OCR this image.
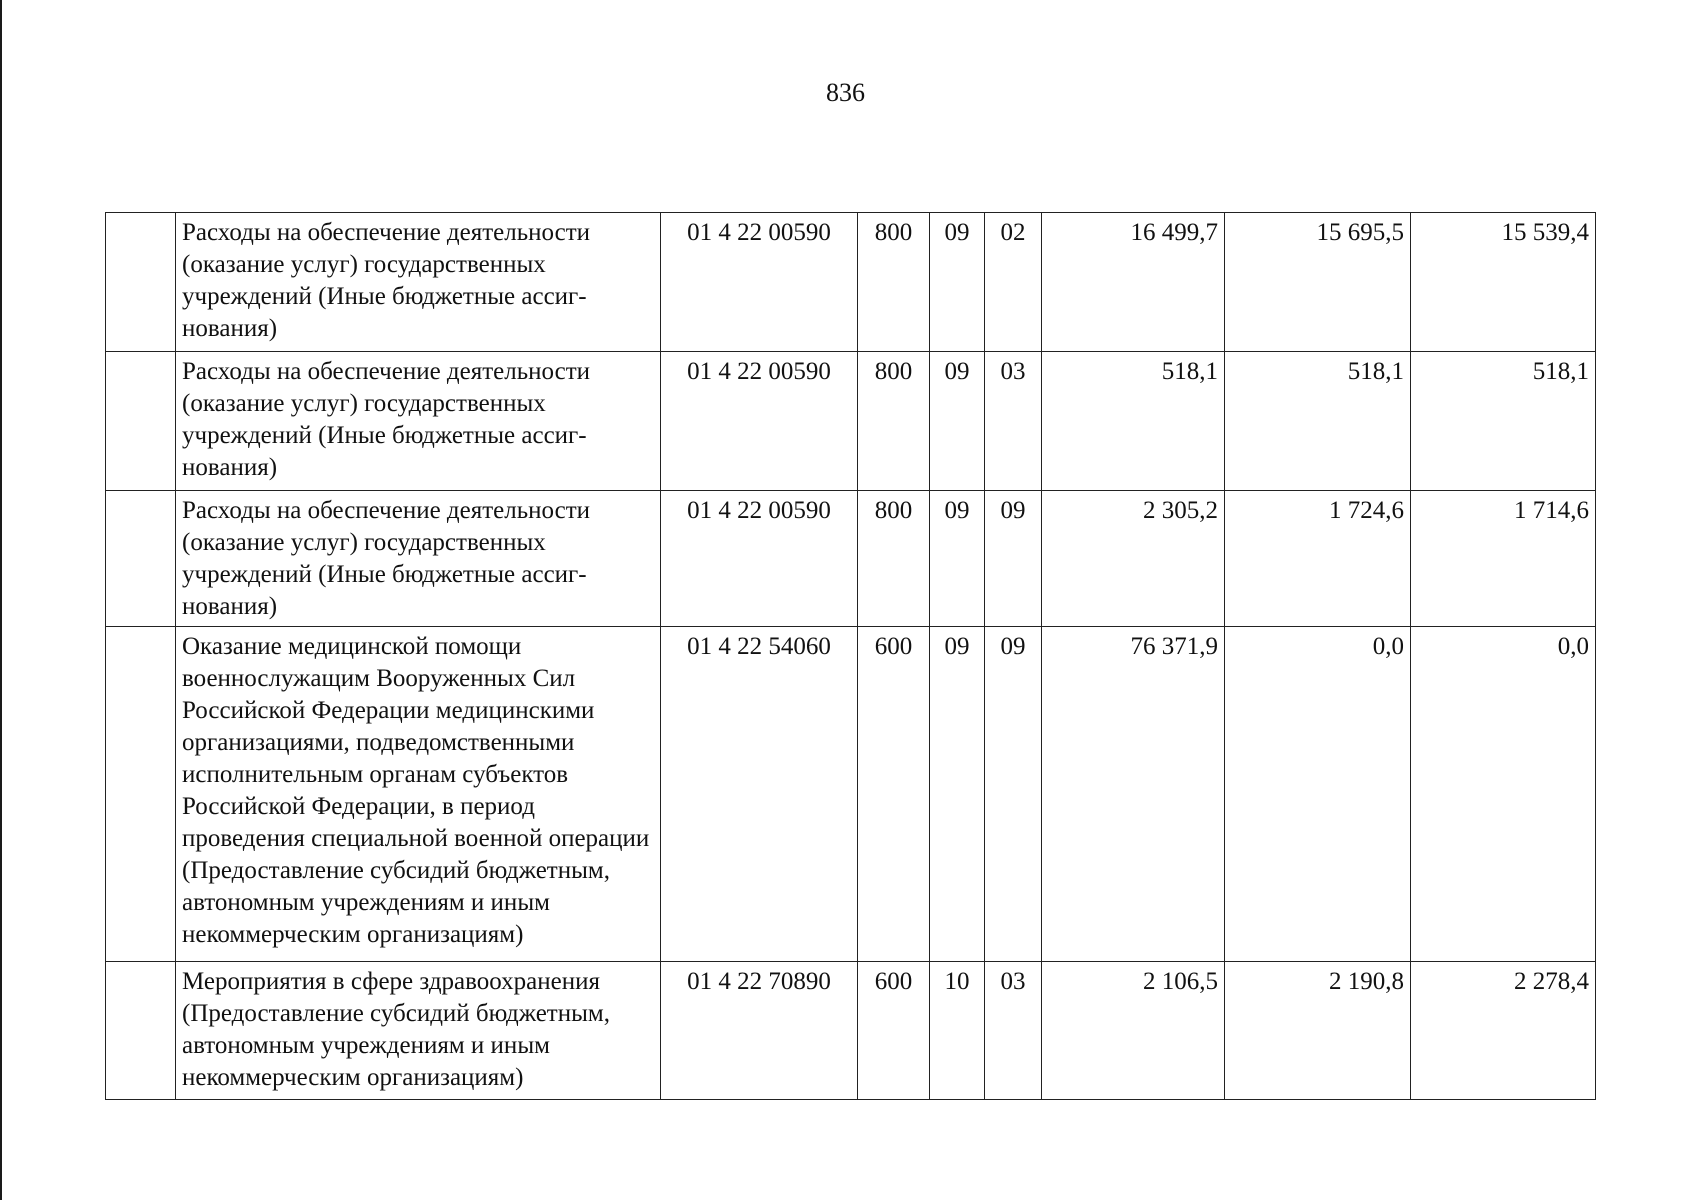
836
	Расходы на обеспечение деятельности (оказание услуг) государственных учреждений (Иные бюджетные ассиг-нования)	01 4 22 00590	800	09	02	16 499,7	15 695,5	15 539,4
	Расходы на обеспечение деятельности (оказание услуг) государственных учреждений (Иные бюджетные ассиг-нования)	01 4 22 00590	800	09	03	518,1	518,1	518,1
	Расходы на обеспечение деятельности (оказание услуг) государственных учреждений (Иные бюджетные ассиг-нования)	01 4 22 00590	800	09	09	2 305,2	1 724,6	1 714,6
	Оказание медицинской помощи военнослужащим Вооруженных Сил Российской Федерации медицинскими организациями, подведомственными исполнительным органам субъектов Российской Федерации, в период проведения специальной военной операции (Предоставление субсидий бюджетным, автономным учреждениям и иным некоммерческим организациям)	01 4 22 54060	600	09	09	76 371,9	0,0	0,0
	Мероприятия в сфере здравоохранения (Предоставление субсидий бюджетным, автономным учреждениям и иным некоммерческим организациям)	01 4 22 70890	600	10	03	2 106,5	2 190,8	2 278,4
